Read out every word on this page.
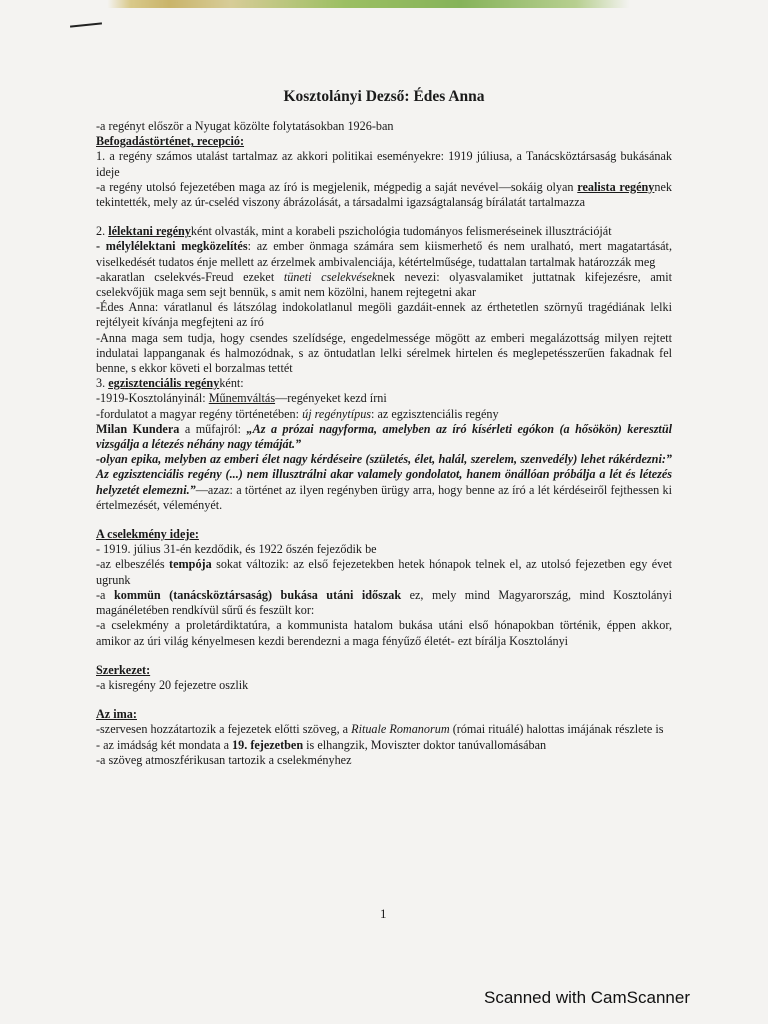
Kosztolányi Dezső: Édes Anna

-a regényt először a Nyugat közölte folytatásokban 1926-ban

Befogadástörténet, recepció:

1. a regény számos utalást tartalmaz az akkori politikai eseményekre: 1919 júliusa, a Tanácsköztársaság bukásának ideje

-a regény utolsó fejezetében maga az író is megjelenik, mégpedig a saját nevével—sokáig olyan realista regénynek tekintették, mely az úr-cseléd viszony ábrázolását, a társadalmi igazságtalanság bírálatát tartalmazza

2. lélektani regényként olvasták, mint a korabeli pszichológia tudományos felismeréseinek illusztrációját

- mélylélektani megközelítés: az ember önmaga számára sem kiismerhető és nem uralható, mert magatartását, viselkedését tudatos énje mellett az érzelmek ambivalenciája, kétértelműsége, tudattalan tartalmak határozzák meg

-akaratlan cselekvés-Freud ezeket tüneti cselekvéseknek nevezi: olyasvalamiket juttatnak kifejezésre, amit cselekvőjük maga sem sejt bennük, s amit nem közölni, hanem rejtegetni akar

-Édes Anna: váratlanul és látszólag indokolatlanul megöli gazdáit-ennek az érthetetlen szörnyű tragédiának lelki rejtélyeit kívánja megfejteni az író

-Anna maga sem tudja, hogy csendes szelídsége, engedelmessége mögött az emberi megalázottság milyen rejtett indulatai lappanganak és halmozódnak, s az öntudatlan lelki sérelmek hirtelen és meglepetésszerűen fakadnak fel benne, s ekkor követi el borzalmas tettét

3. egzisztenciális regényként:

-1919-Kosztolányinál: Műnemváltás—regényeket kezd írni

-fordulatot a magyar regény történetében: új regénytípus: az egzisztenciális regény

Milan Kundera a műfajról: „Az a prózai nagyforma, amelyben az író kísérleti egókon (a hősökön) keresztül vizsgálja a létezés néhány nagy témáját.”

-olyan epika, melyben az emberi élet nagy kérdéseire (születés, élet, halál, szerelem, szenvedély) lehet rákérdezni:” Az egzisztenciális regény (...) nem illusztrálni akar valamely gondolatot, hanem önállóan próbálja a lét és létezés helyzetét elemezni.”—azaz: a történet az ilyen regényben ürügy arra, hogy benne az író a lét kérdéseiről fejthessen ki értelmezését, véleményét.

A cselekmény ideje:

- 1919. július 31-én kezdődik, és 1922 őszén fejeződik be

-az elbeszélés tempója sokat változik: az első fejezetekben hetek hónapok telnek el, az utolsó fejezetben egy évet ugrunk

-a kommün (tanácsköztársaság) bukása utáni időszak ez, mely mind Magyarország, mind Kosztolányi magánéletében rendkívül sűrű és feszült kor:

-a cselekmény a proletárdiktatúra, a kommunista hatalom bukása utáni első hónapokban történik, éppen akkor, amikor az úri világ kényelmesen kezdi berendezni a maga fényűző életét- ezt bírálja Kosztolányi

Szerkezet:

-a kisregény 20 fejezetre oszlik

Az ima:

-szervesen hozzátartozik a fejezetek előtti szöveg, a Rituale Romanorum (római rituálé) halottas imájának részlete is

- az imádság két mondata a 19. fejezetben is elhangzik, Moviszter doktor tanúvallomásában

-a szöveg atmoszférikusan tartozik a cselekményhez

1
Scanned with CamScanner
